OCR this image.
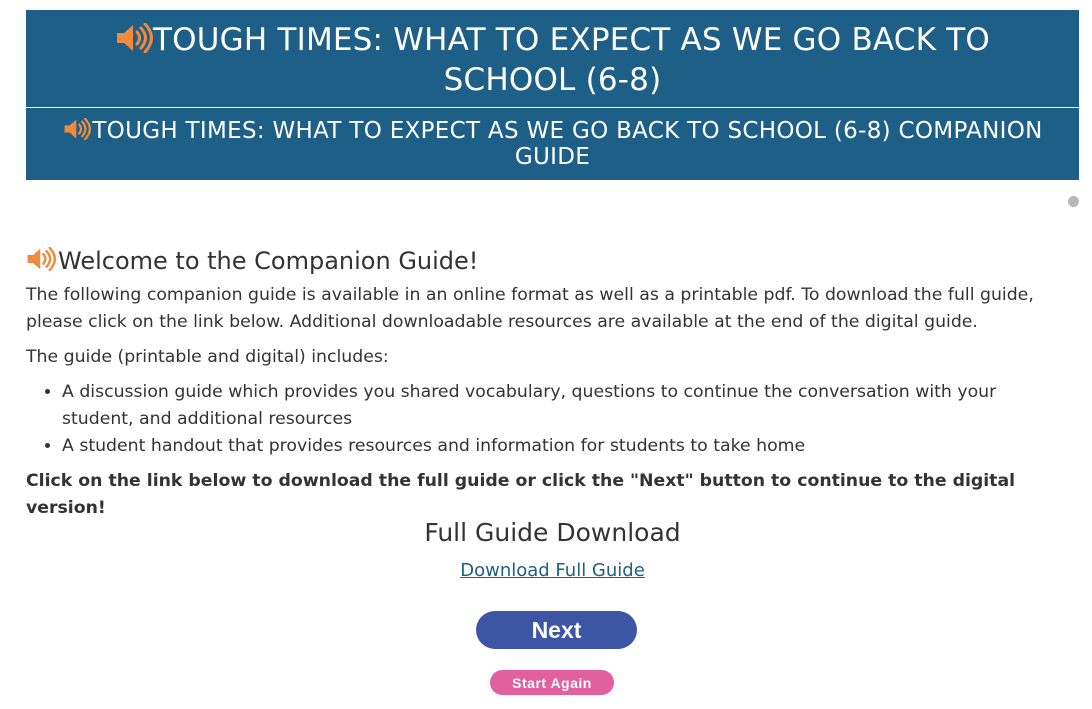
TOUGH TIMES: WHAT TO EXPECT AS WE GO BACK TO SCHOOL (6-8)
TOUGH TIMES: WHAT TO EXPECT AS WE GO BACK TO SCHOOL (6-8) COMPANION GUIDE
Welcome to the Companion Guide!

The following companion guide is available in an online format as well as a printable pdf. To download the full guide, please click on the link below. Additional downloadable resources are available at the end of the digital guide.

The guide (printable and digital) includes:

• A discussion guide which provides you shared vocabulary, questions to continue the conversation with your student, and additional resources
• A student handout that provides resources and information for students to take home

Click on the link below to download the full guide or click the "Next" button to continue to the digital version!

Full Guide Download
Download Full Guide
Next
Start Again
